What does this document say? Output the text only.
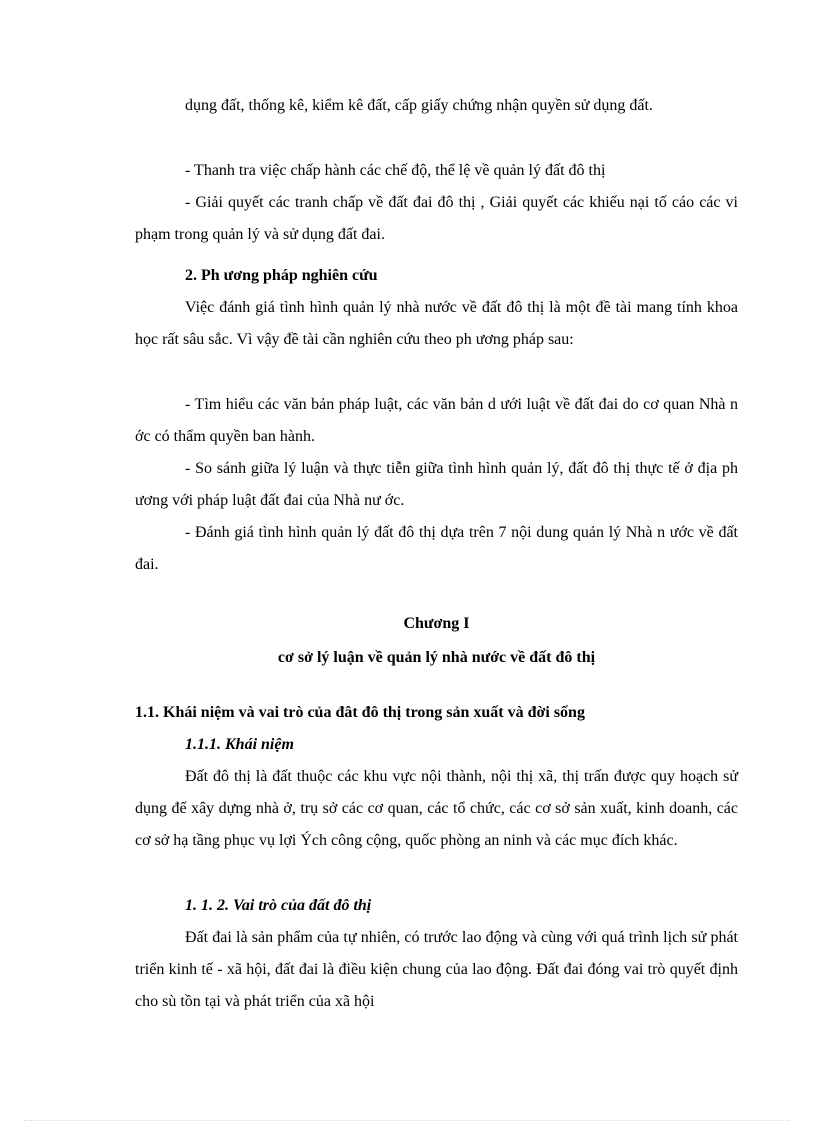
dụng đất, thống kê, kiểm kê đất, cấp giấy chứng nhận quyền sử dụng đất.

- Thanh tra việc chấp hành các chế độ, thể lệ về quản lý đất đô thị

- Giải quyết các tranh chấp về đất đai đô thị , Giải quyết các khiếu nại tố cáo các vi phạm trong quản lý và sử dụng đất đai.

2. Ph ương pháp nghiên cứu

Việc đánh giá tình hình quản lý nhà nước về đất đô thị là một đề tài mang tính khoa học rất sâu sắc. Vì vậy đề tài cần nghiên cứu theo ph ương pháp sau:

- Tìm hiểu các văn bản pháp luật, các văn bản d ưới luật về đất đai do cơ quan Nhà n ớc có thẩm quyền ban hành.

- So sánh giữa lý luận và thực tiễn giữa tình hình quản lý, đất đô thị thực tế ở địa ph ương với pháp luật đất đai của Nhà nư ớc.

- Đánh giá tình hình quản lý đất đô thị dựa trên 7 nội dung quản lý Nhà n ước về đất đai.

Chương I

cơ sở lý luận về quản lý nhà nước về đất đô thị

1.1. Khái niệm và vai trò của đât đô thị trong sản xuất và đời sống

1.1.1. Khái niệm

Đất đô thị là đất thuộc các khu vực nội thành, nội thị xã, thị trấn được quy hoạch sử dụng để xây dựng nhà ở, trụ sở các cơ quan, các tổ chức, các cơ sở sản xuất, kinh doanh, các cơ sở hạ tầng phục vụ lợi Ých công cộng, quốc phòng an ninh và các mục đích khác.

1. 1. 2. Vai trò của đất đô thị

Đất đai là sản phẩm của tự nhiên, có trước lao động và cùng với quá trình lịch sử phát triển kinh tế - xã hội, đất đai là điều kiện chung của lao động. Đất đai đóng vai trò quyết định cho sù tồn tại và phát triển của xã hội
